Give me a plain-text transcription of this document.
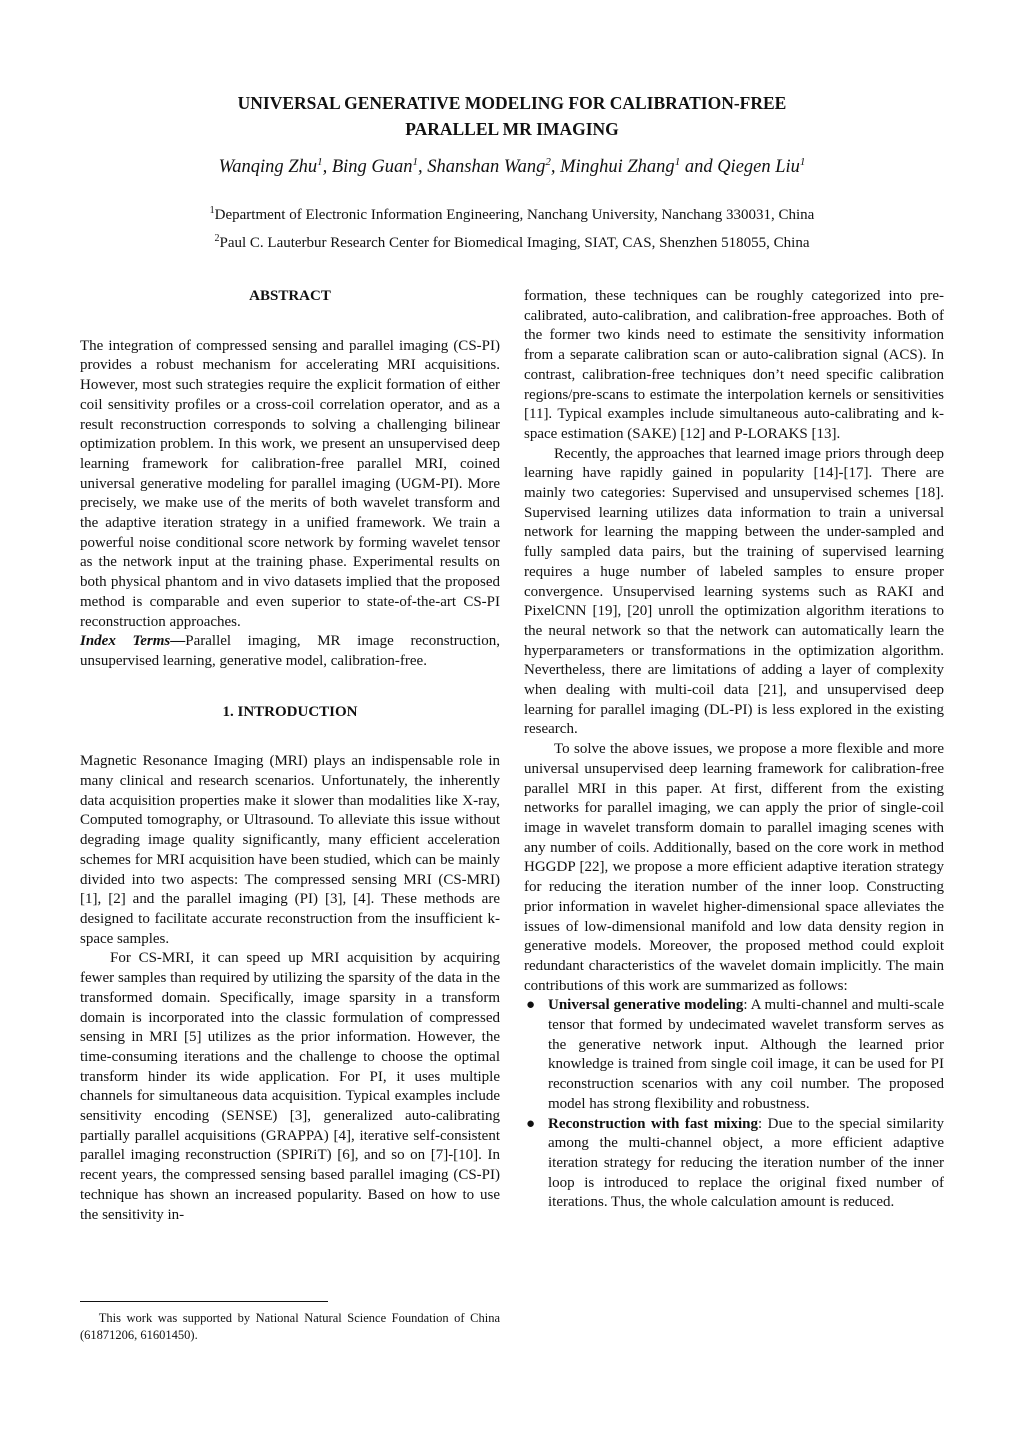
UNIVERSAL GENERATIVE MODELING FOR CALIBRATION-FREE
PARALLEL MR IMAGING
Wanqing Zhu$^1$, Bing Guan$^1$, Shanshan Wang$^2$, Minghui Zhang$^1$ and Qiegen Liu$^1$
$^1$Department of Electronic Information Engineering, Nanchang University, Nanchang 330031, China
$^2$Paul C. Lauterbur Research Center for Biomedical Imaging, SIAT, CAS, Shenzhen 518055, China
ABSTRACT

The integration of compressed sensing and parallel imaging (CS-PI) provides a robust mechanism for accelerating MRI acquisitions. However, most such strategies require the explicit formation of either coil sensitivity profiles or a cross-coil correlation operator, and as a result reconstruction corresponds to solving a challenging bilinear optimization problem. In this work, we present an unsupervised deep learning framework for calibration-free parallel MRI, coined universal generative modeling for parallel imaging (UGM-PI). More precisely, we make use of the merits of both wavelet transform and the adaptive iteration strategy in a unified framework. We train a powerful noise conditional score network by forming wavelet tensor as the network input at the training phase. Experimental results on both physical phantom and in vivo datasets implied that the proposed method is comparable and even superior to state-of-the-art CS-PI reconstruction approaches.

Index Terms—Parallel imaging, MR image reconstruction, unsupervised learning, generative model, calibration-free.

1. INTRODUCTION

Magnetic Resonance Imaging (MRI) plays an indispensable role in many clinical and research scenarios. Unfortunately, the inherently data acquisition properties make it slower than modalities like X-ray, Computed tomography, or Ultrasound. To alleviate this issue without degrading image quality significantly, many efficient acceleration schemes for MRI acquisition have been studied, which can be mainly divided into two aspects: The compressed sensing MRI (CS-MRI) [1], [2] and the parallel imaging (PI) [3], [4]. These methods are designed to facilitate accurate reconstruction from the insufficient k-space samples.

For CS-MRI, it can speed up MRI acquisition by acquiring fewer samples than required by utilizing the sparsity of the data in the transformed domain. Specifically, image sparsity in a transform domain is incorporated into the classic formulation of compressed sensing in MRI [5] utilizes as the prior information. However, the time-consuming iterations and the challenge to choose the optimal transform hinder its wide application. For PI, it uses multiple channels for simultaneous data acquisition. Typical examples include sensitivity encoding (SENSE) [3], generalized auto-calibrating partially parallel acquisitions (GRAPPA) [4], iterative self-consistent parallel imaging reconstruction (SPIRiT) [6], and so on [7]-[10]. In recent years, the compressed sensing based parallel imaging (CS-PI) technique has shown an increased popularity. Based on how to use the sensitivity in-

formation, these techniques can be roughly categorized into pre-calibrated, auto-calibration, and calibration-free approaches. Both of the former two kinds need to estimate the sensitivity information from a separate calibration scan or auto-calibration signal (ACS). In contrast, calibration-free techniques don’t need specific calibration regions/pre-scans to estimate the interpolation kernels or sensitivities [11]. Typical examples include simultaneous auto-calibrating and k-space estimation (SAKE) [12] and P-LORAKS [13].

Recently, the approaches that learned image priors through deep learning have rapidly gained in popularity [14]-[17]. There are mainly two categories: Supervised and unsupervised schemes [18]. Supervised learning utilizes data information to train a universal network for learning the mapping between the under-sampled and fully sampled data pairs, but the training of supervised learning requires a huge number of labeled samples to ensure proper convergence. Unsupervised learning systems such as RAKI and PixelCNN [19], [20] unroll the optimization algorithm iterations to the neural network so that the network can automatically learn the hyperparameters or transformations in the optimization algorithm. Nevertheless, there are limitations of adding a layer of complexity when dealing with multi-coil data [21], and unsupervised deep learning for parallel imaging (DL-PI) is less explored in the existing research.

To solve the above issues, we propose a more flexible and more universal unsupervised deep learning framework for calibration-free parallel MRI in this paper. At first, different from the existing networks for parallel imaging, we can apply the prior of single-coil image in wavelet transform domain to parallel imaging scenes with any number of coils. Additionally, based on the core work in method HGGDP [22], we propose a more efficient adaptive iteration strategy for reducing the iteration number of the inner loop. Constructing prior information in wavelet higher-dimensional space alleviates the issues of low-dimensional manifold and low data density region in generative models. Moreover, the proposed method could exploit redundant characteristics of the wavelet domain implicitly. The main contributions of this work are summarized as follows:

● Universal generative modeling: A multi-channel and multi-scale tensor that formed by undecimated wavelet transform serves as the generative network input. Although the learned prior knowledge is trained from single coil image, it can be used for PI reconstruction scenarios with any coil number. The proposed model has strong flexibility and robustness.
● Reconstruction with fast mixing: Due to the special similarity among the multi-channel object, a more efficient adaptive iteration strategy for reducing the iteration number of the inner loop is introduced to replace the original fixed number of iterations. Thus, the whole calculation amount is reduced.
This work was supported by National Natural Science Foundation of China (61871206, 61601450).
